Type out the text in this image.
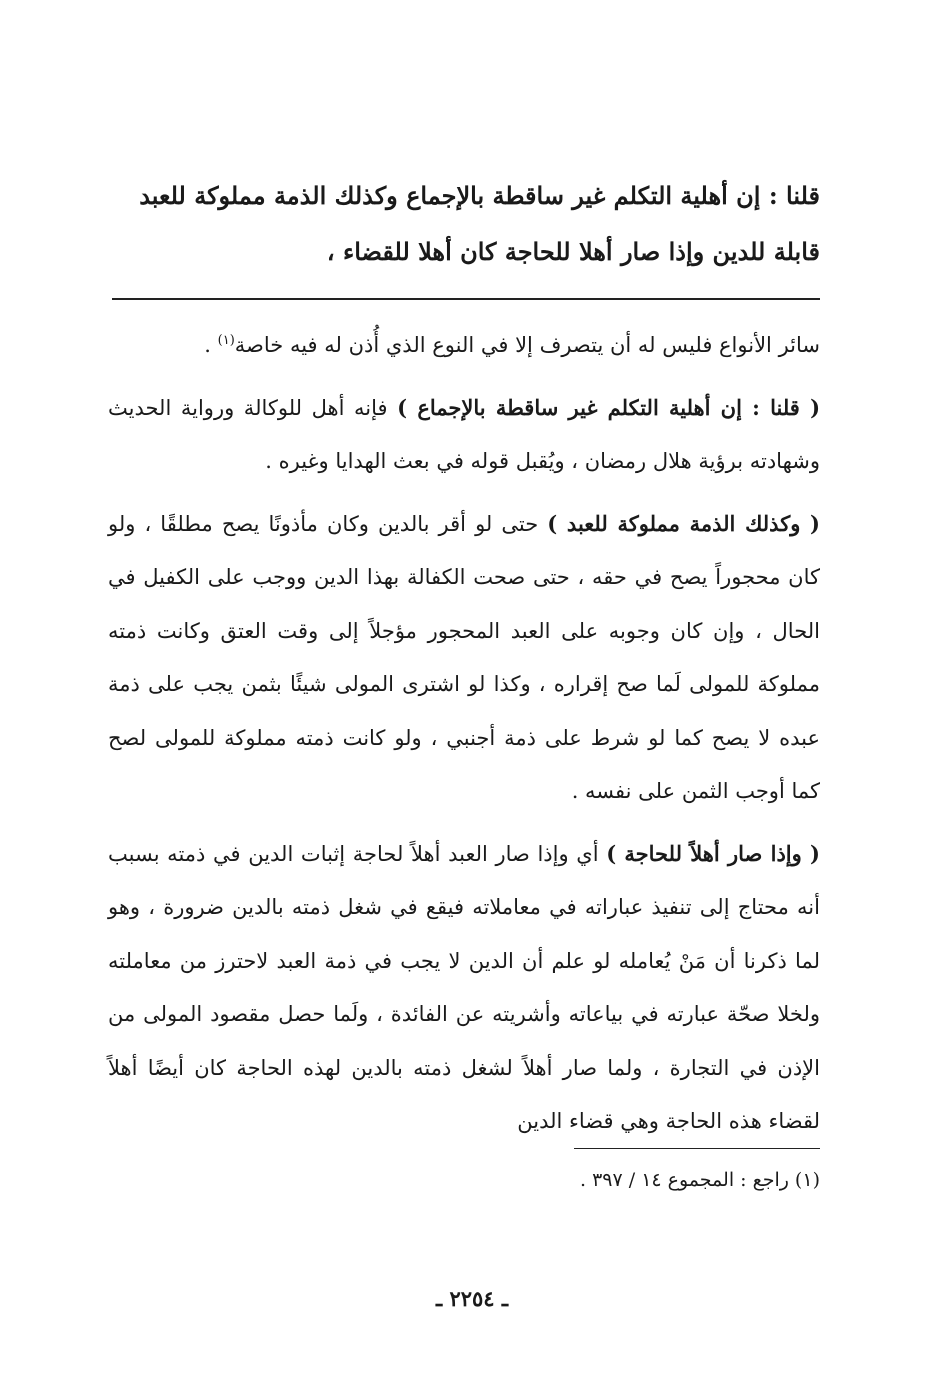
قلنا : إن أهلية التكلم غير ساقطة بالإجماع وكذلك الذمة مملوكة للعبد

قابلة للدين وإذا صار أهلا للحاجة كان أهلا للقضاء ،

سائر الأنواع فليس له أن يتصرف إلا في النوع الذي أُذن له فيه خاصة$^{(١)}$ .

( قلنا : إن أهلية التكلم غير ساقطة بالإجماع ) فإنه أهل للوكالة ورواية الحديث وشهادته برؤية هلال رمضان ، ويُقبل قوله في بعث الهدايا وغيره .

( وكذلك الذمة مملوكة للعبد ) حتى لو أقر بالدين وكان مأذونًا يصح مطلقًا ، ولو كان محجوراً يصح في حقه ، حتى صحت الكفالة بهذا الدين ووجب على الكفيل في الحال ، وإن كان وجوبه على العبد المحجور مؤجلاً إلى وقت العتق وكانت ذمته مملوكة للمولى لَما صح إقراره ، وكذا لو اشترى المولى شيئًا بثمن يجب على ذمة عبده لا يصح كما لو شرط على ذمة أجنبي ، ولو كانت ذمته مملوكة للمولى لصح كما أوجب الثمن على نفسه .

( وإذا صار أهلاً للحاجة ) أي وإذا صار العبد أهلاً لحاجة إثبات الدين في ذمته بسبب أنه محتاج إلى تنفيذ عباراته في معاملاته فيقع في شغل ذمته بالدين ضرورة ، وهو لما ذكرنا أن مَنْ يُعامله لو علم أن الدين لا يجب في ذمة العبد لاحترز من معاملته ولخلا صحّة عبارته في بياعاته وأشريته عن الفائدة ، ولَما حصل مقصود المولى من الإذن في التجارة ، ولما صار أهلاً لشغل ذمته بالدين لهذه الحاجة كان أيضًا أهلاً لقضاء هذه الحاجة وهي قضاء الدين

(١) راجع : المجموع ١٤ / ٣٩٧ .
ـ ٢٢٥٤ ـ
